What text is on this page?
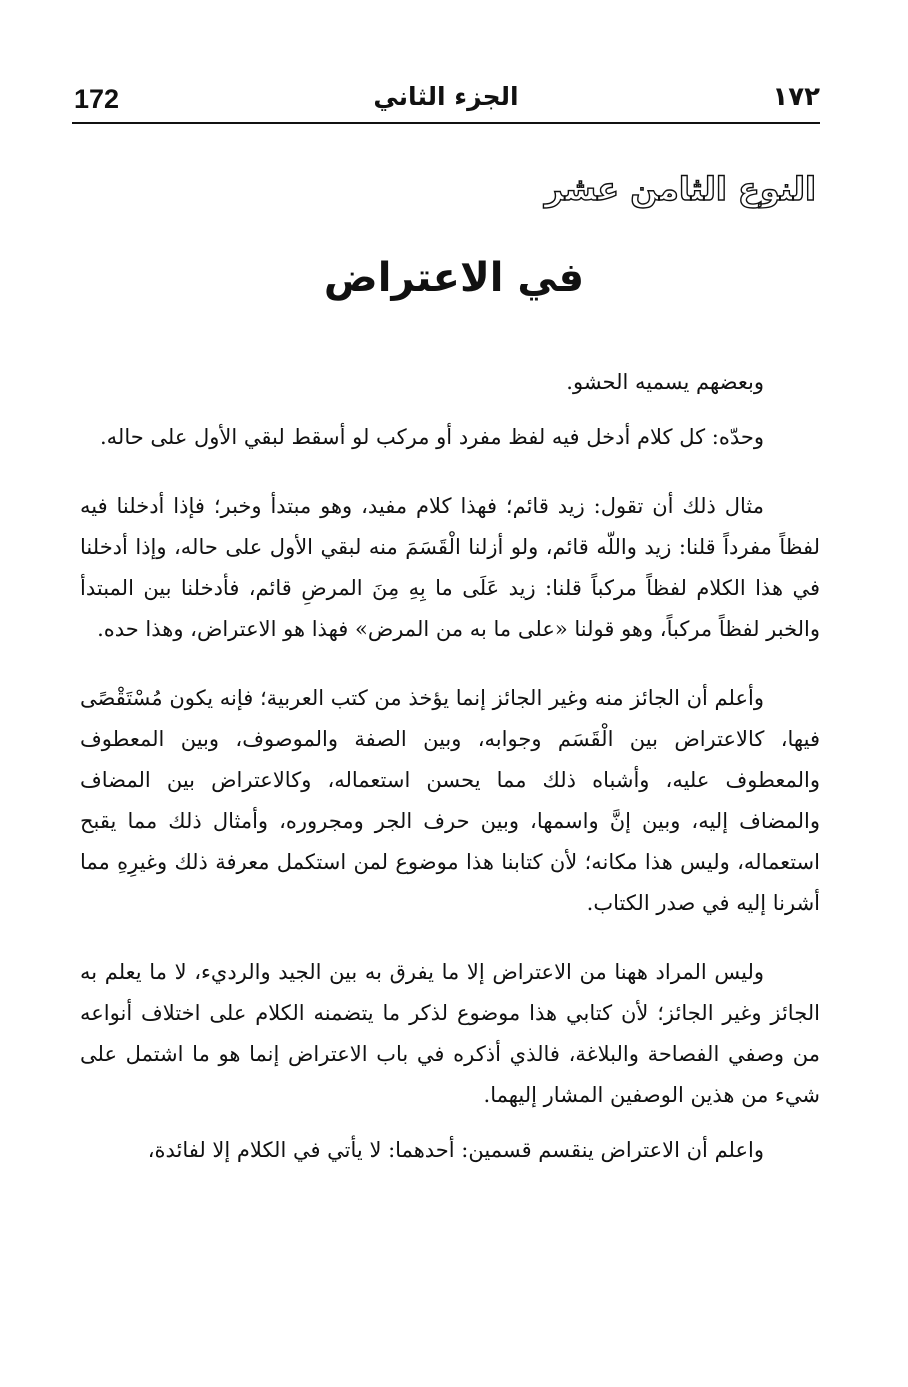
172	الجزء الثاني	١٧٢
النوع الثامن عشر
في الاعتراض

وبعضهم يسميه الحشو.

وحدّه: كل كلام أدخل فيه لفظ مفرد أو مركب لو أسقط لبقي الأول على حاله.

مثال ذلك أن تقول: زيد قائم؛ فهذا كلام مفيد، وهو مبتدأ وخبر؛ فإذا أدخلنا فيه لفظاً مفرداً قلنا: زيد واللّه قائم، ولو أزلنا الْقَسَمَ منه لبقي الأول على حاله، وإذا أدخلنا في هذا الكلام لفظاً مركباً قلنا: زيد عَلَى ما بِهِ مِنَ المرضِ قائم، فأدخلنا بين المبتدأ والخبر لفظاً مركباً، وهو قولنا «على ما به من المرض» فهذا هو الاعتراض، وهذا حده.

وأعلم أن الجائز منه وغير الجائز إنما يؤخذ من كتب العربية؛ فإنه يكون مُسْتَقْصًى فيها، كالاعتراض بين الْقَسَم وجوابه، وبين الصفة والموصوف، وبين المعطوف والمعطوف عليه، وأشباه ذلك مما يحسن استعماله، وكالاعتراض بين المضاف والمضاف إليه، وبين إنَّ واسمها، وبين حرف الجر ومجروره، وأمثال ذلك مما يقبح استعماله، وليس هذا مكانه؛ لأن كتابنا هذا موضوع لمن استكمل معرفة ذلك وغيرِهِ مما أشرنا إليه في صدر الكتاب.

وليس المراد ههنا من الاعتراض إلا ما يفرق به بين الجيد والرديء، لا ما يعلم به الجائز وغير الجائز؛ لأن كتابي هذا موضوع لذكر ما يتضمنه الكلام على اختلاف أنواعه من وصفي الفصاحة والبلاغة، فالذي أذكره في باب الاعتراض إنما هو ما اشتمل على شيء من هذين الوصفين المشار إليهما.

واعلم أن الاعتراض ينقسم قسمين: أحدهما: لا يأتي في الكلام إلا لفائدة،
